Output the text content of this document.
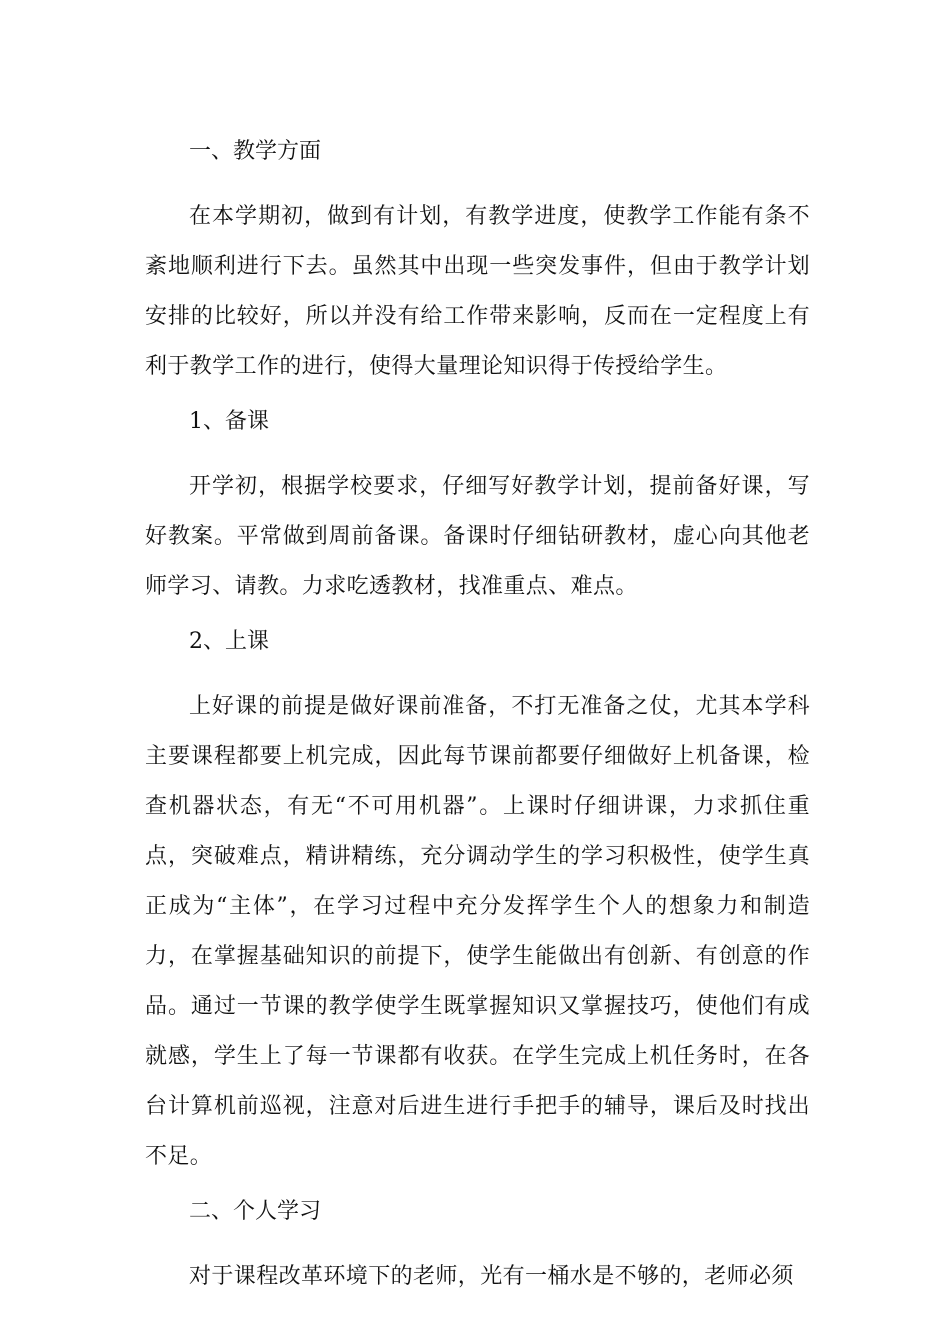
一、教学方面

在本学期初，做到有计划，有教学进度，使教学工作能有条不紊地顺利进行下去。虽然其中出现一些突发事件，但由于教学计划安排的比较好，所以并没有给工作带来影响，反而在一定程度上有利于教学工作的进行，使得大量理论知识得于传授给学生。

1、备课

开学初，根据学校要求，仔细写好教学计划，提前备好课，写好教案。平常做到周前备课。备课时仔细钻研教材，虚心向其他老师学习、请教。力求吃透教材，找准重点、难点。

2、上课

上好课的前提是做好课前准备，不打无准备之仗，尤其本学科主要课程都要上机完成，因此每节课前都要仔细做好上机备课，检查机器状态，有无“不可用机器”。上课时仔细讲课，力求抓住重点，突破难点，精讲精练，充分调动学生的学习积极性，使学生真正成为“主体”，在学习过程中充分发挥学生个人的想象力和制造力，在掌握基础知识的前提下，使学生能做出有创新、有创意的作品。通过一节课的教学使学生既掌握知识又掌握技巧，使他们有成就感，学生上了每一节课都有收获。在学生完成上机任务时，在各台计算机前巡视，注意对后进生进行手把手的辅导，课后及时找出不足。

二、个人学习

对于课程改革环境下的老师，光有一桶水是不够的，老师必须
